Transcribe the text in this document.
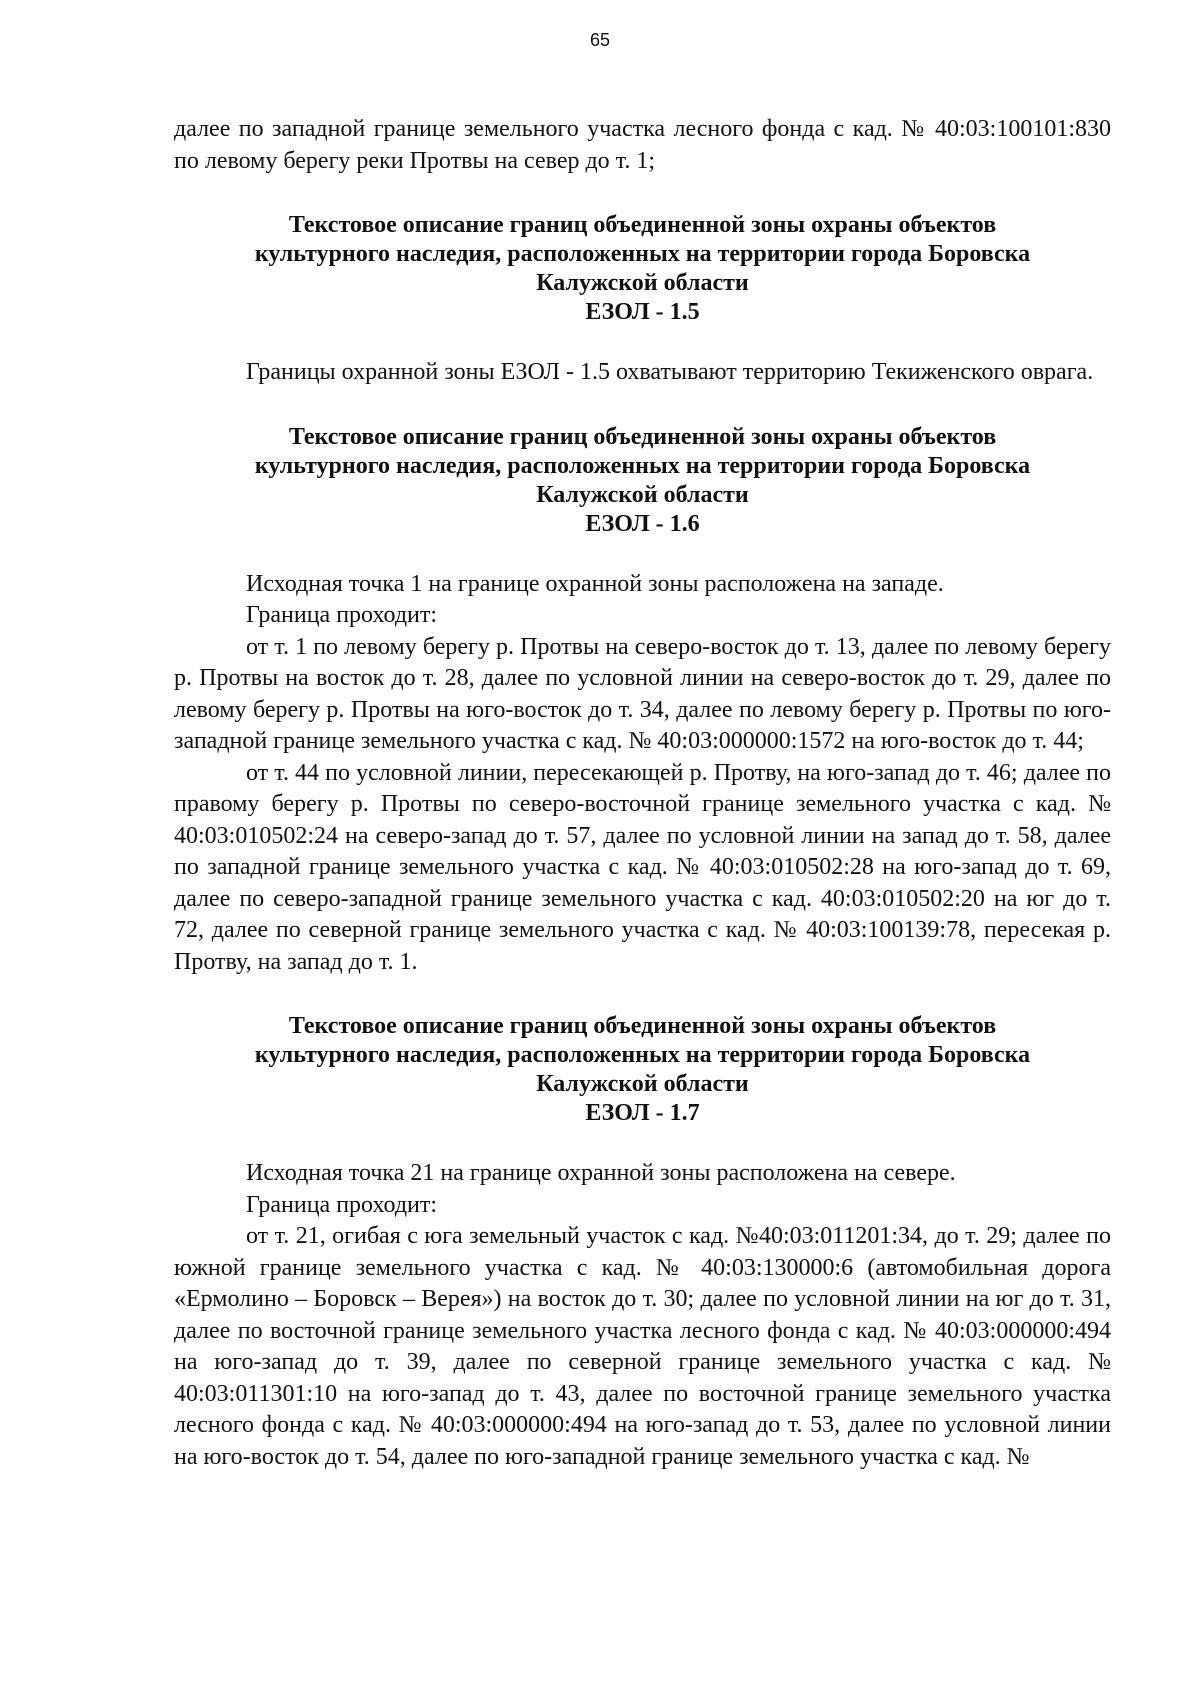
65

далее по западной границе земельного участка лесного фонда с кад. № 40:03:100101:830 по левому берегу реки Протвы на север до т. 1;

Текстовое описание границ объединенной зоны охраны объектов
культурного наследия, расположенных на территории города Боровска
Калужской области
ЕЗОЛ - 1.5

Границы охранной зоны ЕЗОЛ - 1.5 охватывают территорию Текиженского оврага.

Текстовое описание границ объединенной зоны охраны объектов
культурного наследия, расположенных на территории города Боровска
Калужской области
ЕЗОЛ - 1.6

Исходная точка 1 на границе охранной зоны расположена на западе.

Граница проходит:

от т. 1 по левому берегу р. Протвы на северо-восток до т. 13, далее по левому берегу р. Протвы на восток до т. 28, далее по условной линии на северо-восток до т. 29, далее по левому берегу р. Протвы на юго-восток до т. 34, далее по левому берегу р. Протвы по юго-западной границе земельного участка с кад. № 40:03:000000:1572 на юго-восток до т. 44;

от т. 44 по условной линии, пересекающей р. Протву, на юго-запад до т. 46; далее по правому берегу р. Протвы по северо-восточной границе земельного участка с кад. № 40:03:010502:24 на северо-запад до т. 57, далее по условной линии на запад до т. 58, далее по западной границе земельного участка с кад. № 40:03:010502:28 на юго-запад до т. 69, далее по северо-западной границе земельного участка с кад. 40:03:010502:20 на юг до т. 72, далее по северной границе земельного участка с кад. № 40:03:100139:78, пересекая р. Протву, на запад до т. 1.

Текстовое описание границ объединенной зоны охраны объектов
культурного наследия, расположенных на территории города Боровска
Калужской области
ЕЗОЛ - 1.7

Исходная точка 21 на границе охранной зоны расположена на севере.

Граница проходит:

от т. 21, огибая с юга земельный участок с кад. №40:03:011201:34, до т. 29; далее по южной границе земельного участка с кад. № 40:03:130000:6 (автомобильная дорога «Ермолино – Боровск – Верея») на восток до т. 30; далее по условной линии на юг до т. 31, далее по восточной границе земельного участка лесного фонда с кад. № 40:03:000000:494 на юго-запад до т. 39, далее по северной границе земельного участка с кад. № 40:03:011301:10 на юго-запад до т. 43, далее по восточной границе земельного участка лесного фонда с кад. № 40:03:000000:494 на юго-запад до т. 53, далее по условной линии на юго-восток до т. 54, далее по юго-западной границе земельного участка с кад. №
